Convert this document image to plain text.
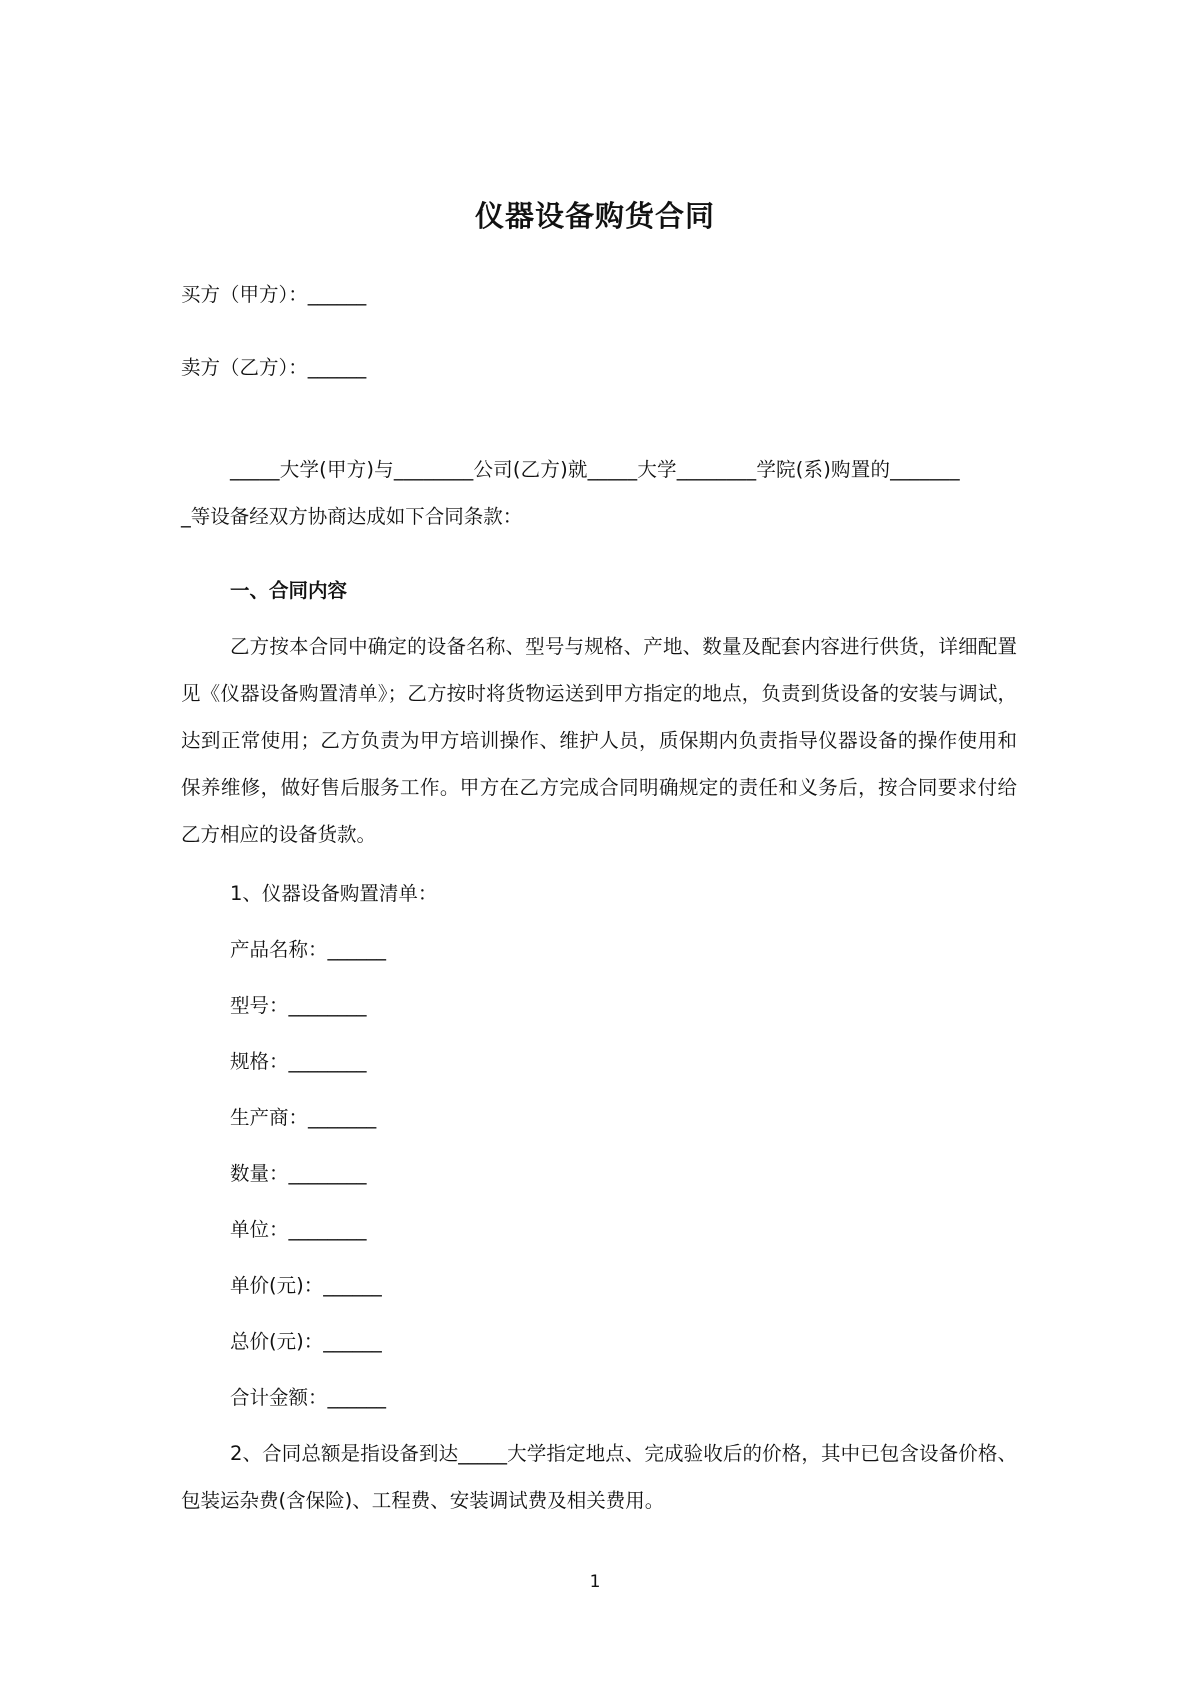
仪器设备购货合同

买方（甲方）：______

卖方（乙方）：______

_____大学(甲方)与________公司(乙方)就_____大学________学院(系)购置的_______

_等设备经双方协商达成如下合同条款：

一、合同内容

乙方按本合同中确定的设备名称、型号与规格、产地、数量及配套内容进行供货，详细配置见《仪器设备购置清单》；乙方按时将货物运送到甲方指定的地点，负责到货设备的安装与调试，达到正常使用；乙方负责为甲方培训操作、维护人员，质保期内负责指导仪器设备的操作使用和保养维修，做好售后服务工作。甲方在乙方完成合同明确规定的责任和义务后，按合同要求付给乙方相应的设备货款。

1、仪器设备购置清单：

产品名称：______

型号：________

规格：________

生产商：_______

数量：________

单位：________

单价(元)：______

总价(元)：______

合计金额：______

2、合同总额是指设备到达_____大学指定地点、完成验收后的价格，其中已包含设备价格、包装运杂费(含保险)、工程费、安装调试费及相关费用。

1
